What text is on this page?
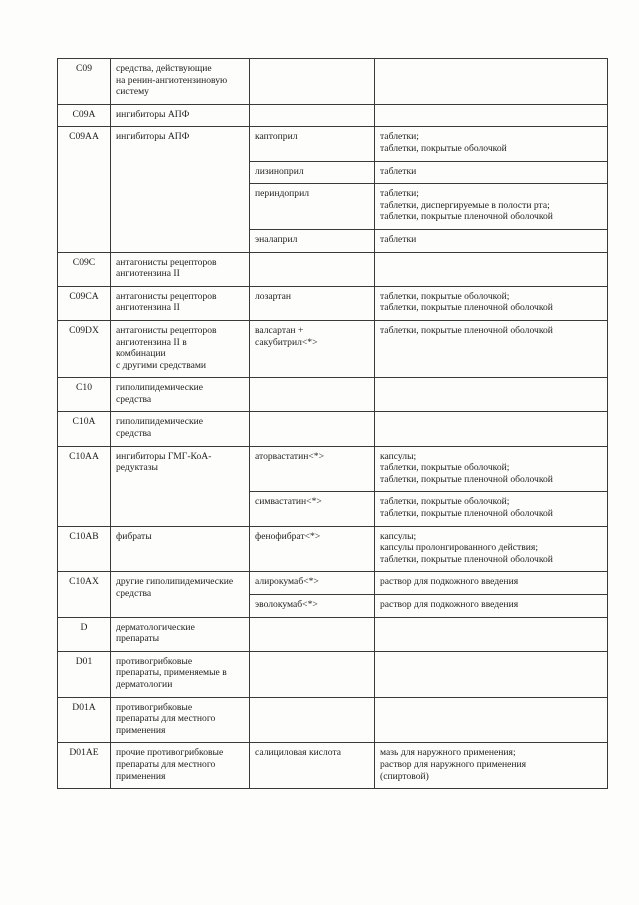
C09	средства, действующие
на ренин-ангиотензиновую
систему		
C09A	ингибиторы АПФ		
C09AA	ингибиторы АПФ	каптоприл	таблетки;
таблетки, покрытые оболочкой
		лизиноприл	таблетки
		периндоприл	таблетки;
таблетки, диспергируемые в полости рта;
таблетки, покрытые пленочной оболочкой
		эналаприл	таблетки
C09C	антагонисты рецепторов
ангиотензина II		
C09CA	антагонисты рецепторов
ангиотензина II	лозартан	таблетки, покрытые оболочкой;
таблетки, покрытые пленочной оболочкой
C09DX	антагонисты рецепторов
ангиотензина II в
комбинации
с другими средствами	валсартан +
сакубитрил<*>	таблетки, покрытые пленочной оболочкой
C10	гиполипидемические
средства		
C10A	гиполипидемические
средства		
C10AA	ингибиторы ГМГ-КоА-
редуктазы	аторвастатин<*>	капсулы;
таблетки, покрытые оболочкой;
таблетки, покрытые пленочной оболочкой
		симвастатин<*>	таблетки, покрытые оболочкой;
таблетки, покрытые пленочной оболочкой
C10AB	фибраты	фенофибрат<*>	капсулы;
капсулы пролонгированного действия;
таблетки, покрытые пленочной оболочкой
C10AX	другие гиполипидемические
средства	алирокумаб<*>	раствор для подкожного введения
		эволокумаб<*>	раствор для подкожного введения
D	дерматологические
препараты		
D01	противогрибковые
препараты, применяемые в
дерматологии		
D01A	противогрибковые
препараты для местного
применения		
D01AE	прочие противогрибковые
препараты для местного
применения	салициловая кислота	мазь для наружного применения;
раствор для наружного применения
(спиртовой)
